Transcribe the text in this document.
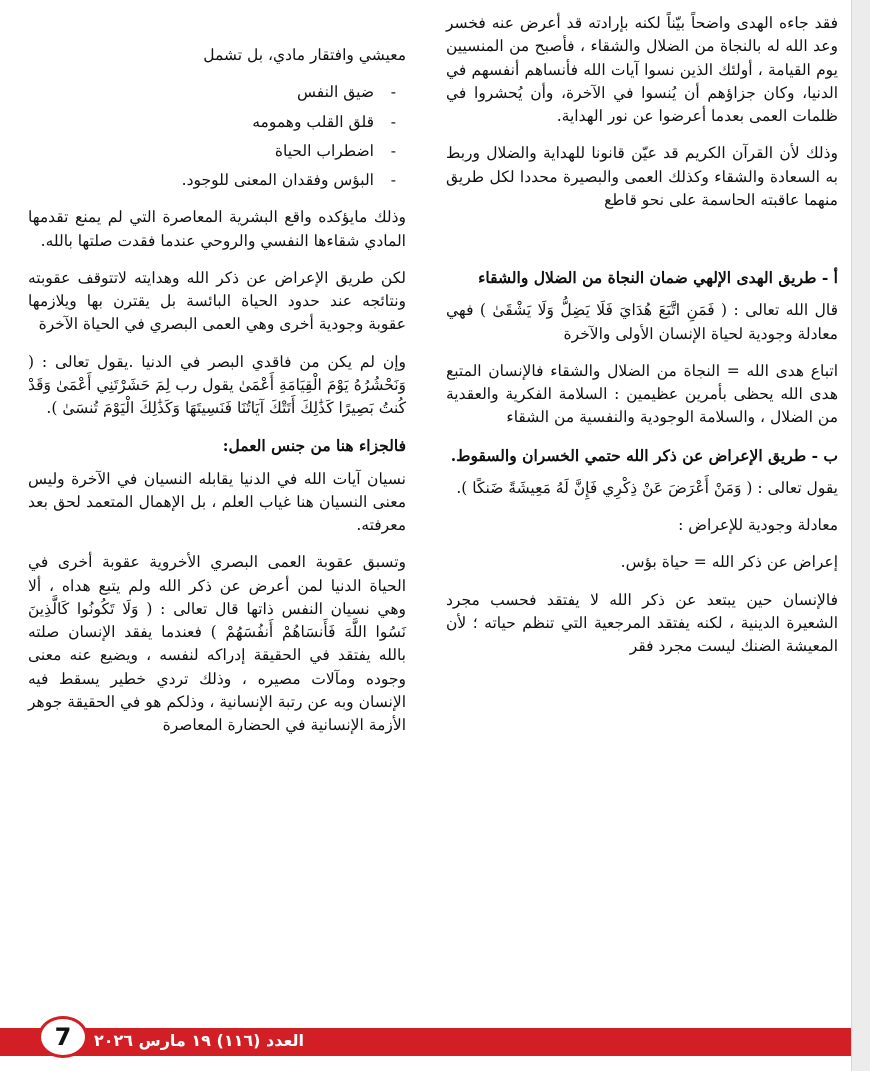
فقد جاءه الهدى واضحاً بيّناً لكنه بإرادته قد أعرض عنه فخسر وعد الله له بالنجاة من الضلال والشقاء ، فأصبح من المنسيين يوم القيامة ، أولئك الذين نسوا آيات الله فأنساهم أنفسهم في الدنيا، وكان جزاؤهم أن يُنسوا في الآخرة، وأن يُحشروا في ظلمات العمى بعدما أعرضوا عن نور الهداية.

وذلك لأن القرآن الكريم قد عيّن قانونا للهداية والضلال وربط به السعادة والشقاء وكذلك العمى والبصيرة محددا لكل طريق منهما عاقبته الحاسمة على نحو قاطع

أ - طريق الهدى الإلهي ضمان النجاة من الضلال والشقاء

قال الله تعالى : ( فَمَنِ اتَّبَعَ هُدَايَ فَلَا يَضِلُّ وَلَا يَشْقَىٰ ) فهي معادلة وجودية لحياة الإنسان الأولى والآخرة

اتباع هدى الله = النجاة من الضلال والشقاء فالإنسان المتبع هدى الله يحظى بأمرين عظيمين : السلامة الفكرية والعقدية من الضلال ، والسلامة الوجودية والنفسية من الشقاء

ب - طريق الإعراض عن ذكر الله حتمي الخسران والسقوط.

يقول تعالى : ( وَمَنْ أَعْرَضَ عَنْ ذِكْرِي فَإِنَّ لَهُ مَعِيشَةً ضَنكًا ).

معادلة وجودية للإعراض :

إعراض عن ذكر الله = حياة بؤس.

فالإنسان حين يبتعد عن ذكر الله لا يفتقد فحسب مجرد الشعيرة الدينية ، لكنه يفتقد المرجعية التي تنظم حياته ؛ لأن المعيشة الضنك ليست مجرد فقر

معيشي وافتقار مادي، بل تشمل

- ضيق النفس
- قلق القلب وهمومه
- اضطراب الحياة
- البؤس وفقدان المعنى للوجود.

وذلك مايؤكده واقع البشرية المعاصرة التي لم يمنع تقدمها المادي شقاءها النفسي والروحي عندما فقدت صلتها بالله.

لكن طريق الإعراض عن ذكر الله وهدايته لاتتوقف عقوبته ونتائجه عند حدود الحياة البائسة بل يقترن بها ويلازمها عقوبة وجودية أخرى وهي العمى البصري في الحياة الآخرة

وإن لم يكن من فاقدي البصر في الدنيا .يقول تعالى : ( وَنَحْشُرُهُ يَوْمَ الْقِيَامَةِ أَعْمَىٰ يقول رب لِمَ حَشَرْتَنِي أَعْمَىٰ وَقَدْ كُنتُ بَصِيرًا كَذَٰلِكَ أَتَتْكَ آيَاتُنَا فَنَسِيتَهَا وَكَذَٰلِكَ الْيَوْمَ تُنسَىٰ ).

فالجزاء هنا من جنس العمل:

نسيان آيات الله في الدنيا يقابله النسيان في الآخرة وليس معنى النسيان هنا غياب العلم ، بل الإهمال المتعمد لحق بعد معرفته.

وتسبق عقوبة العمى البصري الأخروية عقوبة أخرى في الحياة الدنيا لمن أعرض عن ذكر الله ولم يتبع هداه ، ألا وهي نسيان النفس ذاتها قال تعالى : ( وَلَا تَكُونُوا كَالَّذِينَ نَسُوا اللَّهَ فَأَنسَاهُمْ أَنفُسَهُمْ ) فعندما يفقد الإنسان صلته بالله يفتقد في الحقيقة إدراكه لنفسه ، ويضيع عنه معنى وجوده ومآلات مصيره ، وذلك تردي خطير يسقط فيه الإنسان وبه عن رتبة الإنسانية ، وذلكم هو في الحقيقة جوهر الأزمة الإنسانية في الحضارة المعاصرة

العدد (١١٦) ١٩ مارس ٢٠٢٦
7
